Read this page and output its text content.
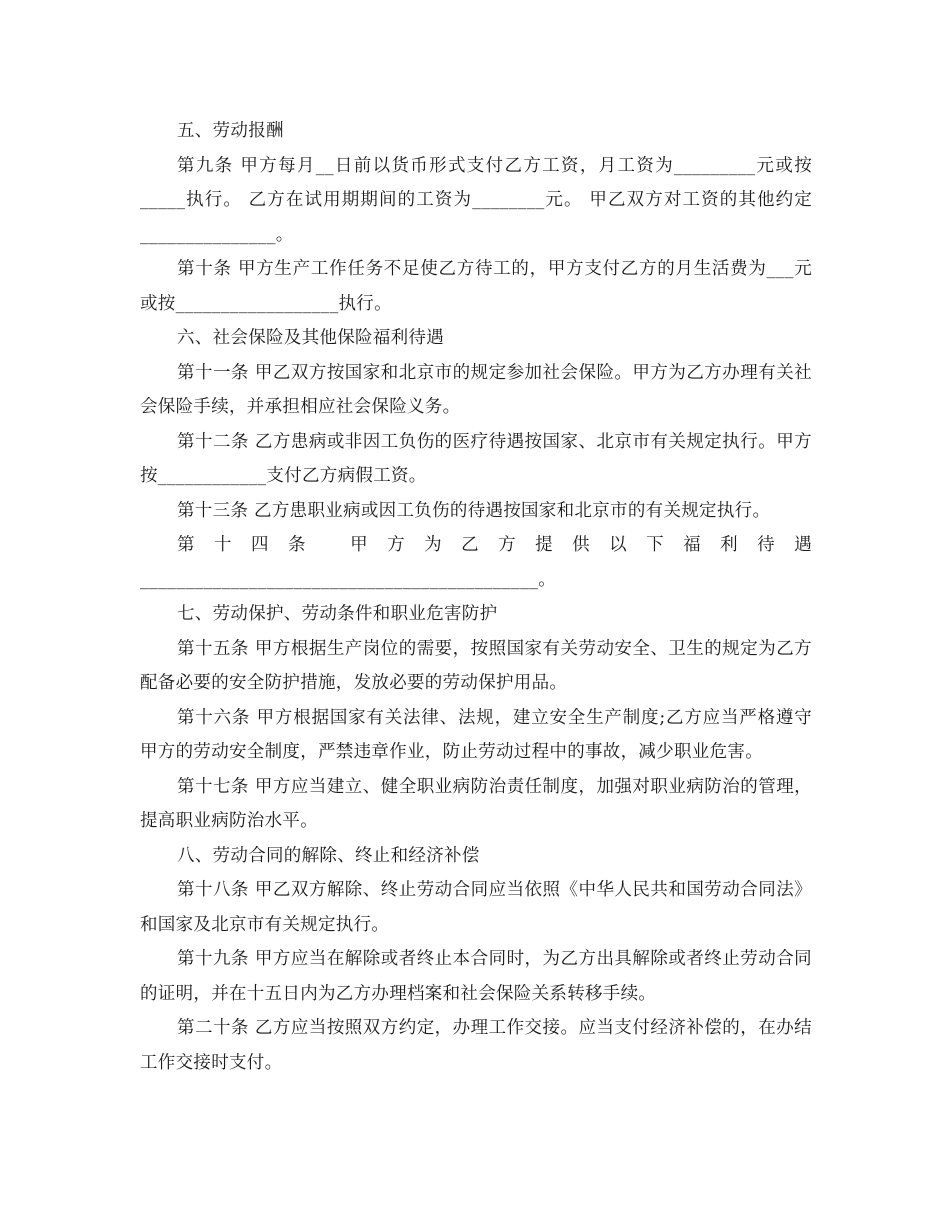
五、劳动报酬

第九条 甲方每月__日前以货币形式支付乙方工资，月工资为_________元或按_____执行。 乙方在试用期期间的工资为________元。 甲乙双方对工资的其他约定_______________。

第十条 甲方生产工作任务不足使乙方待工的，甲方支付乙方的月生活费为___元或按__________________执行。

六、社会保险及其他保险福利待遇

第十一条 甲乙双方按国家和北京市的规定参加社会保险。甲方为乙方办理有关社会保险手续，并承担相应社会保险义务。

第十二条 乙方患病或非因工负伤的医疗待遇按国家、北京市有关规定执行。甲方按____________支付乙方病假工资。

第十三条 乙方患职业病或因工负伤的待遇按国家和北京市的有关规定执行。

第十四条 甲方为乙方提供以下福利待遇____________________________________________。

七、劳动保护、劳动条件和职业危害防护

第十五条 甲方根据生产岗位的需要，按照国家有关劳动安全、卫生的规定为乙方配备必要的安全防护措施，发放必要的劳动保护用品。

第十六条 甲方根据国家有关法律、法规，建立安全生产制度;乙方应当严格遵守甲方的劳动安全制度，严禁违章作业，防止劳动过程中的事故，减少职业危害。

第十七条 甲方应当建立、健全职业病防治责任制度，加强对职业病防治的管理，提高职业病防治水平。

八、劳动合同的解除、终止和经济补偿

第十八条 甲乙双方解除、终止劳动合同应当依照《中华人民共和国劳动合同法》和国家及北京市有关规定执行。

第十九条 甲方应当在解除或者终止本合同时，为乙方出具解除或者终止劳动合同的证明，并在十五日内为乙方办理档案和社会保险关系转移手续。

第二十条 乙方应当按照双方约定，办理工作交接。应当支付经济补偿的，在办结工作交接时支付。
